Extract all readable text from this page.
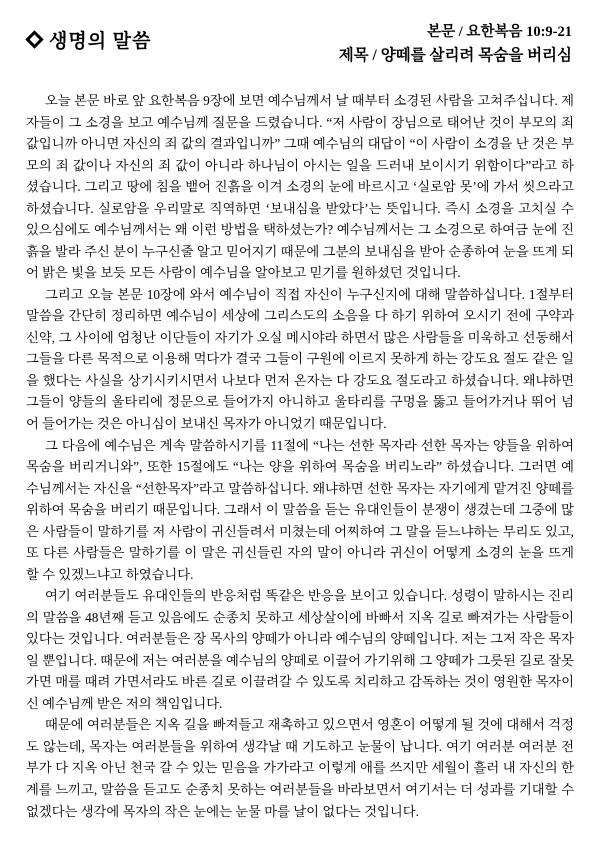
생명의 말씀	본문 / 요한복음 10:9-21
제목 / 양떼를 살리려 목숨을 버리심

오늘 본문 바로 앞 요한복음 9장에 보면 예수님께서 날 때부터 소경된 사람을 고쳐주십니다. 제자들이 그 소경을 보고 예수님께 질문을 드렸습니다. “저 사람이 장님으로 태어난 것이 부모의 죄 값입니까 아니면 자신의 죄 값의 결과입니까” 그때 예수님의 대답이 “이 사람이 소경을 난 것은 부모의 죄 값이나 자신의 죄 값이 아니라 하나님이 아시는 일을 드러내 보이시기 위함이다”라고 하셨습니다. 그리고 땅에 침을 뱉어 진흙을 이겨 소경의 눈에 바르시고 ‘실로암 못’에 가서 씻으라고 하셨습니다. 실로암을 우리말로 직역하면 ‘보내심을 받았다’는 뜻입니다. 즉시 소경을 고치실 수 있으심에도 예수님께서는 왜 이런 방법을 택하셨는가? 예수님께서는 그 소경으로 하여금 눈에 진흙을 발라 주신 분이 누구신줄 알고 믿어지기 때문에 그분의 보내심을 받아 순종하여 눈을 뜨게 되어 밝은 빛을 보듯 모든 사람이 예수님을 알아보고 믿기를 원하셨던 것입니다.

그리고 오늘 본문 10장에 와서 예수님이 직접 자신이 누구신지에 대해 말씀하십니다. 1절부터 말씀을 간단히 정리하면 예수님이 세상에 그리스도의 소음을 다 하기 위하여 오시기 전에 구약과 신약, 그 사이에 엄청난 이단들이 자기가 오실 메시야라 하면서 많은 사람들을 미욱하고 선동해서 그들을 다른 목적으로 이용해 먹다가 결국 그들이 구원에 이르지 못하게 하는 강도요 절도 같은 일을 했다는 사실을 상기시키시면서 나보다 먼저 온자는 다 강도요 절도라고 하셨습니다. 왜냐하면 그들이 양들의 울타리에 정문으로 들어가지 아니하고 울타리를 구멍을 뚫고 들어가거나 뛰어 넘어 들어가는 것은 아니심이 보내신 목자가 아니었기 때문입니다.

그 다음에 예수님은 계속 말씀하시기를 11절에 “나는 선한 목자라 선한 목자는 양들을 위하여 목숨을 버리거니와”, 또한 15절에도 “나는 양을 위하여 목숨을 버리노라” 하셨습니다. 그러면 예수님께서는 자신을 “선한목자”라고 말씀하십니다. 왜냐하면 선한 목자는 자기에게 맡겨진 양떼를 위하여 목숨을 버리기 때문입니다. 그래서 이 말씀을 듣는 유대인들이 분쟁이 생겼는데 그중에 많은 사람들이 말하기를 저 사람이 귀신들려서 미쳤는데 어찌하여 그 말을 듣느냐하는 무리도 있고, 또 다른 사람들은 말하기를 이 말은 귀신들린 자의 말이 아니라 귀신이 어떻게 소경의 눈을 뜨게 할 수 있겠느냐고 하였습니다.

여기 여러분들도 유대인들의 반응처럼 똑같은 반응을 보이고 있습니다. 성령이 말하시는 진리의 말씀을 48년째 듣고 있음에도 순종치 못하고 세상살이에 바빠서 지옥 길로 빠져가는 사람들이 있다는 것입니다. 여러분들은 장 목사의 양떼가 아니라 예수님의 양떼입니다. 저는 그저 작은 목자일 뿐입니다. 때문에 저는 여러분을 예수님의 양떼로 이끌어 가기위해 그 양떼가 그릇된 길로 잘못 가면 매를 때려 가면서라도 바른 길로 이끌려갈 수 있도록 치리하고 감독하는 것이 영원한 목자이신 예수님께 받은 저의 책임입니다.

때문에 여러분들은 지옥 길을 빠져들고 재촉하고 있으면서 영혼이 어떻게 될 것에 대해서 걱정도 않는데, 목자는 여러분들을 위하여 생각날 때 기도하고 눈물이 납니다. 여기 여러분 여러분 전부가 다 지옥 아닌 천국 갈 수 있는 믿음을 가가라고 이렇게 애를 쓰지만 세월이 흘러 내 자신의 한계를 느끼고, 말씀을 듣고도 순종치 못하는 여러분들을 바라보면서 여기서는 더 성과를 기대할 수 없겠다는 생각에 목자의 작은 눈에는 눈물 마를 날이 없다는 것입니다.
